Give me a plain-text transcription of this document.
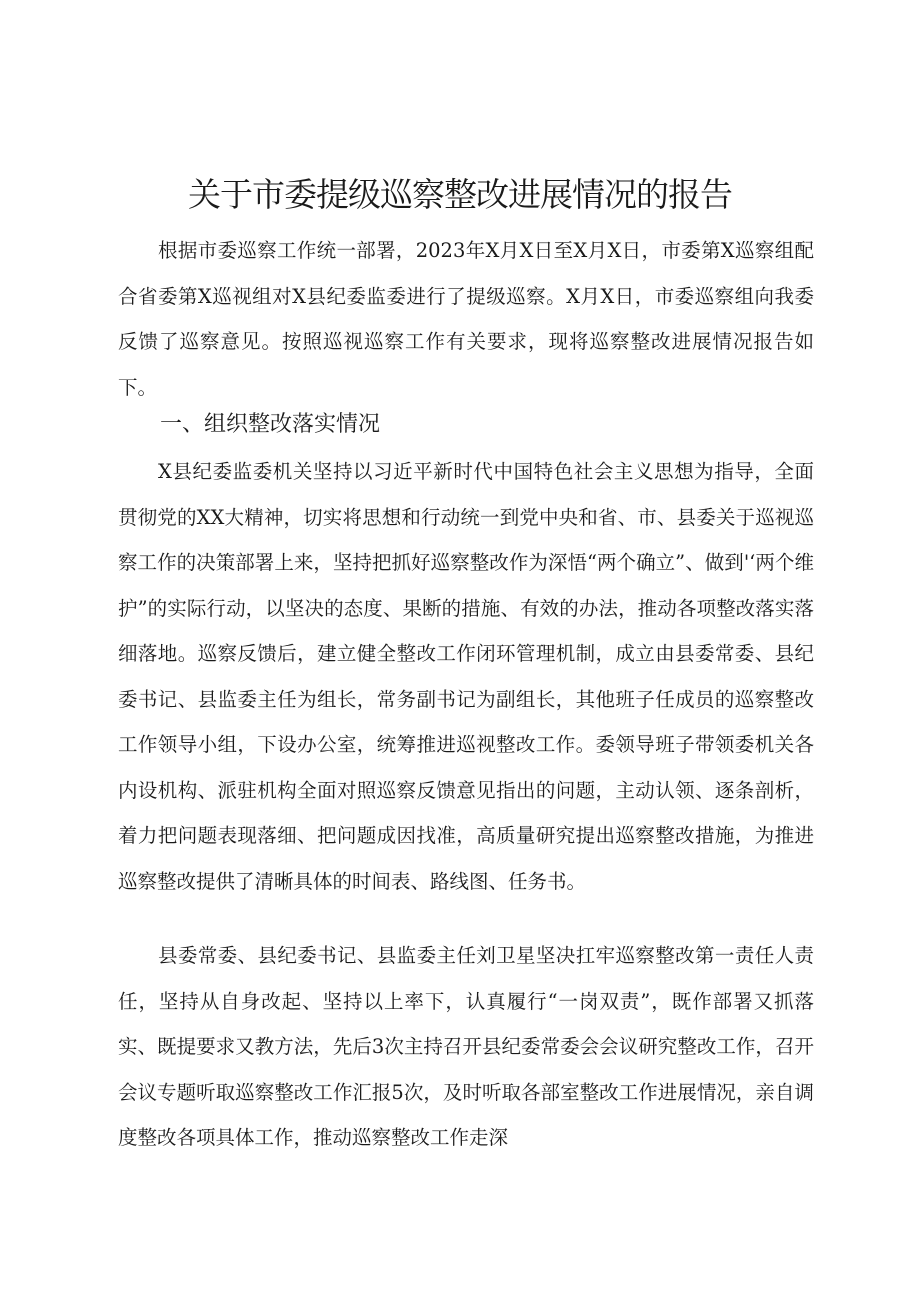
关于市委提级巡察整改进展情况的报告

根据市委巡察工作统一部署，2023年X月X日至X月X日，市委第X巡察组配合省委第X巡视组对X县纪委监委进行了提级巡察。X月X日，市委巡察组向我委反馈了巡察意见。按照巡视巡察工作有关要求，现将巡察整改进展情况报告如下。

一、组织整改落实情况

X县纪委监委机关坚持以习近平新时代中国特色社会主义思想为指导，全面贯彻党的XX大精神，切实将思想和行动统一到党中央和省、市、县委关于巡视巡察工作的决策部署上来，坚持把抓好巡察整改作为深悟“两个确立”、做到'‘两个维护”的实际行动，以坚决的态度、果断的措施、有效的办法，推动各项整改落实落细落地。巡察反馈后，建立健全整改工作闭环管理机制，成立由县委常委、县纪委书记、县监委主任为组长，常务副书记为副组长，其他班子任成员的巡察整改工作领导小组，下设办公室，统筹推进巡视整改工作。委领导班子带领委机关各内设机构、派驻机构全面对照巡察反馈意见指出的问题，主动认领、逐条剖析，着力把问题表现落细、把问题成因找准，高质量研究提出巡察整改措施，为推进巡察整改提供了清晰具体的时间表、路线图、任务书。

县委常委、县纪委书记、县监委主任刘卫星坚决扛牢巡察整改第一责任人责任，坚持从自身改起、坚持以上率下，认真履行“一岗双责”，既作部署又抓落实、既提要求又教方法，先后3次主持召开县纪委常委会会议研究整改工作，召开会议专题听取巡察整改工作汇报5次，及时听取各部室整改工作进展情况，亲自调度整改各项具体工作，推动巡察整改工作走深
